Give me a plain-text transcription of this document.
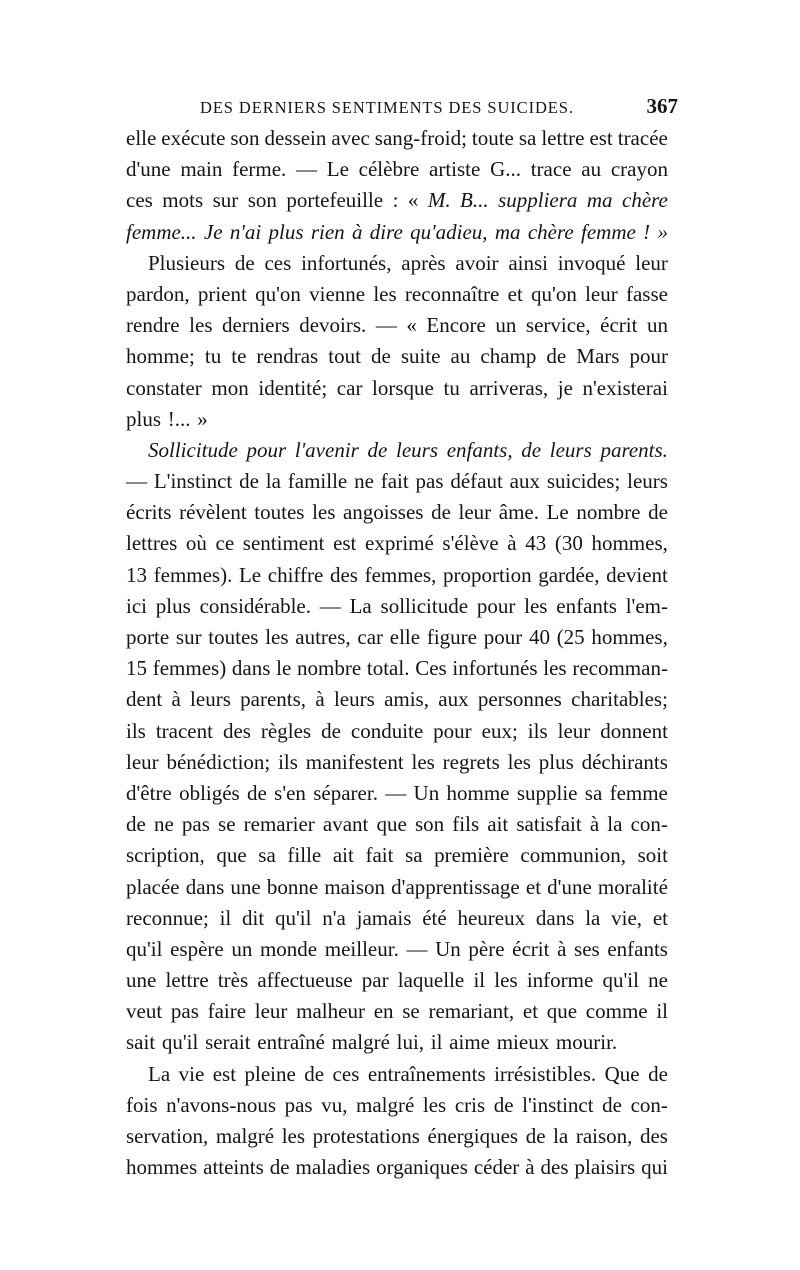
DES DERNIERS SENTIMENTS DES SUICIDES.	367
elle exécute son dessein avec sang-froid; toute sa lettre est tracée
d'une main ferme. — Le célèbre artiste G... trace au crayon
ces mots sur son portefeuille : « M. B... suppliera ma chère
femme... Je n'ai plus rien à dire qu'adieu, ma chère femme ! »
Plusieurs de ces infortunés, après avoir ainsi invoqué leur
pardon, prient qu'on vienne les reconnaître et qu'on leur fasse
rendre les derniers devoirs. — « Encore un service, écrit un
homme; tu te rendras tout de suite au champ de Mars pour
constater mon identité; car lorsque tu arriveras, je n'existerai
plus !... »
Sollicitude pour l'avenir de leurs enfants, de leurs parents.
— L'instinct de la famille ne fait pas défaut aux suicides; leurs
écrits révèlent toutes les angoisses de leur âme. Le nombre de
lettres où ce sentiment est exprimé s'élève à 43 (30 hommes,
13 femmes). Le chiffre des femmes, proportion gardée, devient
ici plus considérable. — La sollicitude pour les enfants l'em-
porte sur toutes les autres, car elle figure pour 40 (25 hommes,
15 femmes) dans le nombre total. Ces infortunés les recomman-
dent à leurs parents, à leurs amis, aux personnes charitables;
ils tracent des règles de conduite pour eux; ils leur donnent
leur bénédiction; ils manifestent les regrets les plus déchirants
d'être obligés de s'en séparer. — Un homme supplie sa femme
de ne pas se remarier avant que son fils ait satisfait à la con-
scription, que sa fille ait fait sa première communion, soit
placée dans une bonne maison d'apprentissage et d'une moralité
reconnue; il dit qu'il n'a jamais été heureux dans la vie, et
qu'il espère un monde meilleur. — Un père écrit à ses enfants
une lettre très affectueuse par laquelle il les informe qu'il ne
veut pas faire leur malheur en se remariant, et que comme il
sait qu'il serait entraîné malgré lui, il aime mieux mourir.
La vie est pleine de ces entraînements irrésistibles. Que de
fois n'avons-nous pas vu, malgré les cris de l'instinct de con-
servation, malgré les protestations énergiques de la raison, des
hommes atteints de maladies organiques céder à des plaisirs qui
